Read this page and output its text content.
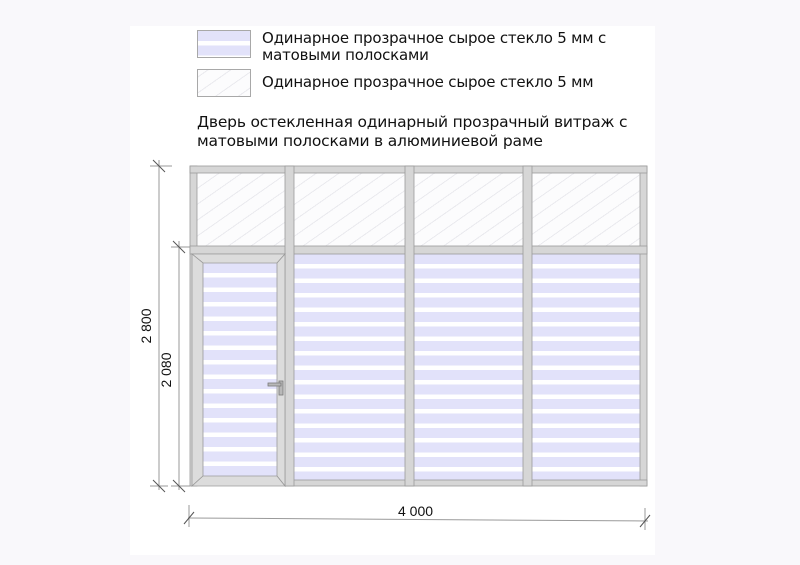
Одинарное прозрачное сырое стекло 5 мм с
матовыми полосками
Одинарное прозрачное сырое стекло 5 мм
Дверь остекленная одинарный прозрачный витраж с
матовыми полосками в алюминиевой раме
4 000
2 800
2 080
